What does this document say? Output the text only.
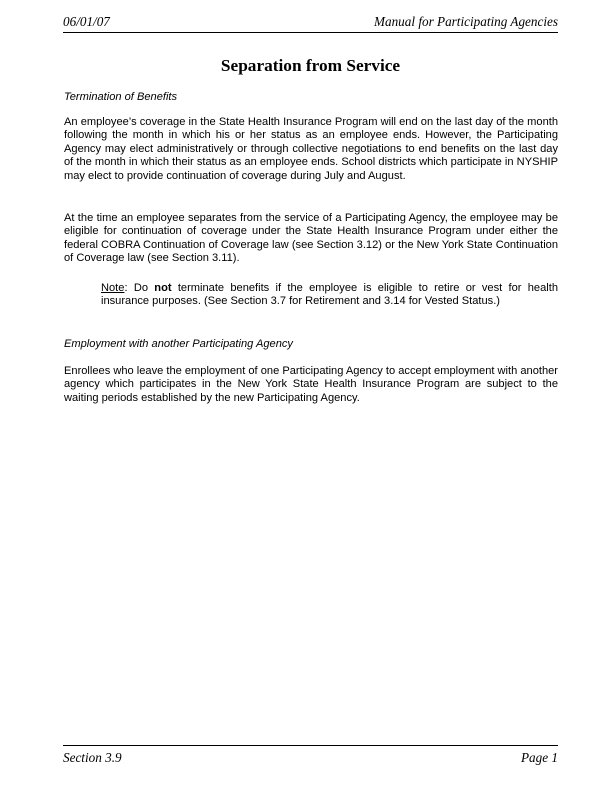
06/01/07	Manual for Participating Agencies
Separation from Service
Termination of Benefits

An employee’s coverage in the State Health Insurance Program will end on the last day of the month following the month in which his or her status as an employee ends. However, the Participating Agency may elect administratively or through collective negotiations to end benefits on the last day of the month in which their status as an employee ends. School districts which participate in NYSHIP may elect to provide continuation of coverage during July and August.

At the time an employee separates from the service of a Participating Agency, the employee may be eligible for continuation of coverage under the State Health Insurance Program under either the federal COBRA Continuation of Coverage law (see Section 3.12) or the New York State Continuation of Coverage law (see Section 3.11).

Note: Do not terminate benefits if the employee is eligible to retire or vest for health insurance purposes. (See Section 3.7 for Retirement and 3.14 for Vested Status.)

Employment with another Participating Agency

Enrollees who leave the employment of one Participating Agency to accept employment with another agency which participates in the New York State Health Insurance Program are subject to the waiting periods established by the new Participating Agency.

Section 3.9	Page 1
